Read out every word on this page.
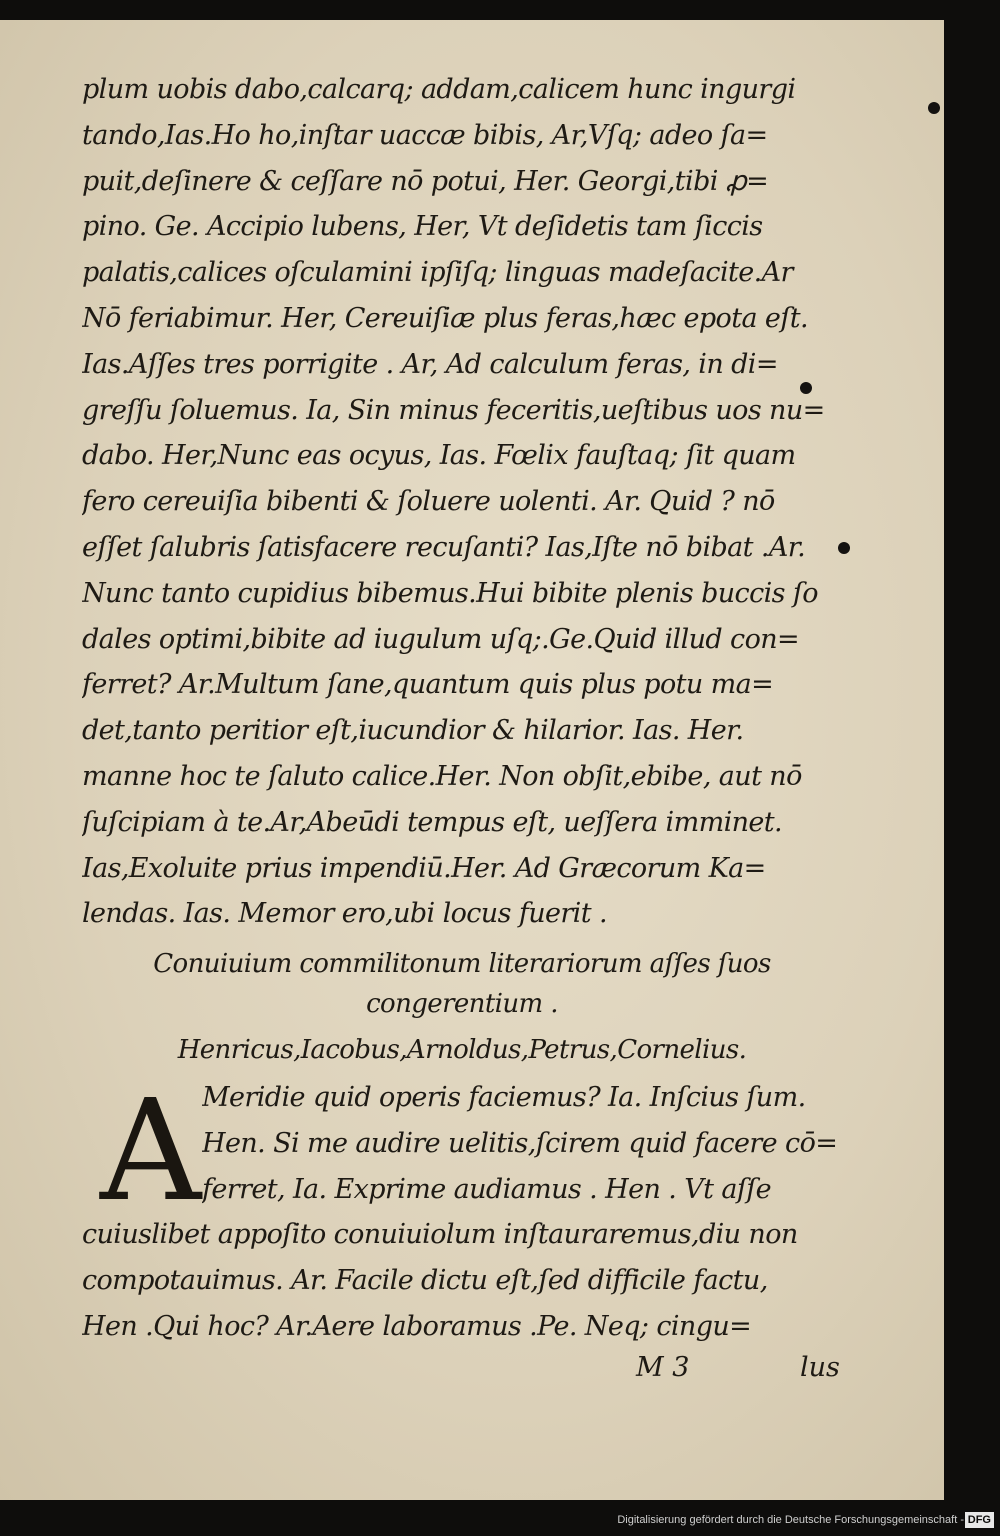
plum uobis dabo,calcarq; addam,calicem hunc ingurgi
tando,Ias.Ho ho,inſtar uaccæ bibis, Ar,Vſq; adeo ſa=
puit,deſinere & ceſſare nō potui, Her. Georgi,tibi ꝓ=
pino. Ge. Accipio lubens, Her, Vt deſidetis tam ſiccis
palatis,calices oſculamini ipſiſq; linguas madeſacite.Ar
Nō feriabimur. Her, Cereuiſiæ plus feras,hæc epota eſt.
Ias.Aſſes tres porrigite . Ar, Ad calculum feras, in di=
greſſu ſoluemus. Ia, Sin minus feceritis,ueſtibus uos nu=
dabo. Her,Nunc eas ocyus, Ias. Fœlix fauſtaq; ſit quam
fero cereuiſia bibenti & ſoluere uolenti. Ar. Quid ? nō
eſſet ſalubris ſatisfacere recuſanti? Ias,Iſte nō bibat .Ar.
Nunc tanto cupidius bibemus.Hui bibite plenis buccis ſo
dales optimi,bibite ad iugulum uſq;.Ge.Quid illud con=
ferret? Ar.Multum ſane,quantum quis plus potu ma=
det,tanto peritior eſt,iucundior & hilarior. Ias. Her.
manne hoc te ſaluto calice.Her. Non obſit,ebibe, aut nō
ſuſcipiam à te.Ar,Abeūdi tempus eſt, ueſſera imminet.
Ias,Exoluite prius impendiū.Her. Ad Græcorum Ka=
lendas. Ias. Memor ero,ubi locus fuerit .
Conuiuium commilitonum literariorum aſſes ſuos
congerentium .
Henricus,Iacobus,Arnoldus,Petrus,Cornelius.
A Meridie quid operis faciemus? Ia. Inſcius ſum.
Hen. Si me audire uelitis,ſcirem quid facere cō=
ferret, Ia. Exprime audiamus . Hen . Vt aſſe
cuiuslibet appoſito conuiuiolum inſtauraremus,diu non
compotauimus. Ar. Facile dictu eſt,ſed difficile factu,
Hen .Qui hoc? Ar.Aere laboramus .Pe. Neq; cingu=
M 3	lus
Digitalisierung gefördert durch die Deutsche Forschungsgemeinschaft - DFG
